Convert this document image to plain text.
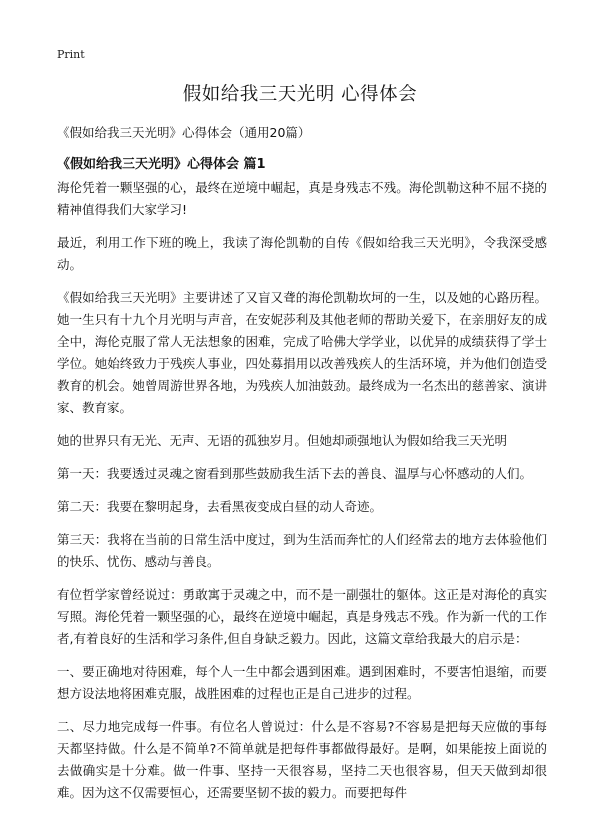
Print
假如给我三天光明 心得体会
《假如给我三天光明》心得体会（通用20篇）
《假如给我三天光明》心得体会 篇1

海伦凭着一颗坚强的心，最终在逆境中崛起，真是身残志不残。海伦凯勒这种不屈不挠的精神值得我们大家学习!

最近，利用工作下班的晚上，我读了海伦凯勒的自传《假如给我三天光明》，令我深受感动。

《假如给我三天光明》主要讲述了又盲又聋的海伦凯勒坎坷的一生，以及她的心路历程。她一生只有十九个月光明与声音，在安妮莎利及其他老师的帮助关爱下，在亲朋好友的成全中，海伦克服了常人无法想象的困难，完成了哈佛大学学业，以优异的成绩获得了学士学位。她始终致力于残疾人事业，四处募捐用以改善残疾人的生活环境，并为他们创造受教育的机会。她曾周游世界各地，为残疾人加油鼓劲。最终成为一名杰出的慈善家、演讲家、教育家。

她的世界只有无光、无声、无语的孤独岁月。但她却顽强地认为假如给我三天光明

第一天：我要透过灵魂之窗看到那些鼓励我生活下去的善良、温厚与心怀感动的人们。

第二天：我要在黎明起身，去看黑夜变成白昼的动人奇迹。

第三天：我将在当前的日常生活中度过，到为生活而奔忙的人们经常去的地方去体验他们的快乐、忧伤、感动与善良。

有位哲学家曾经说过：勇敢寓于灵魂之中，而不是一副强壮的躯体。这正是对海伦的真实写照。海伦凭着一颗坚强的心，最终在逆境中崛起，真是身残志不残。作为新一代的工作者,有着良好的生活和学习条件,但自身缺乏毅力。因此，这篇文章给我最大的启示是：

一、要正确地对待困难，每个人一生中都会遇到困难。遇到困难时，不要害怕退缩，而要想方设法地将困难克服，战胜困难的过程也正是自己进步的过程。

二、尽力地完成每一件事。有位名人曾说过：什么是不容易?不容易是把每天应做的事每天都坚持做。什么是不简单?不简单就是把每件事都做得最好。是啊，如果能按上面说的去做确实是十分难。做一件事、坚持一天很容易，坚持二天也很容易，但天天做到却很难。因为这不仅需要恒心，还需要坚韧不拔的毅力。而要把每件
